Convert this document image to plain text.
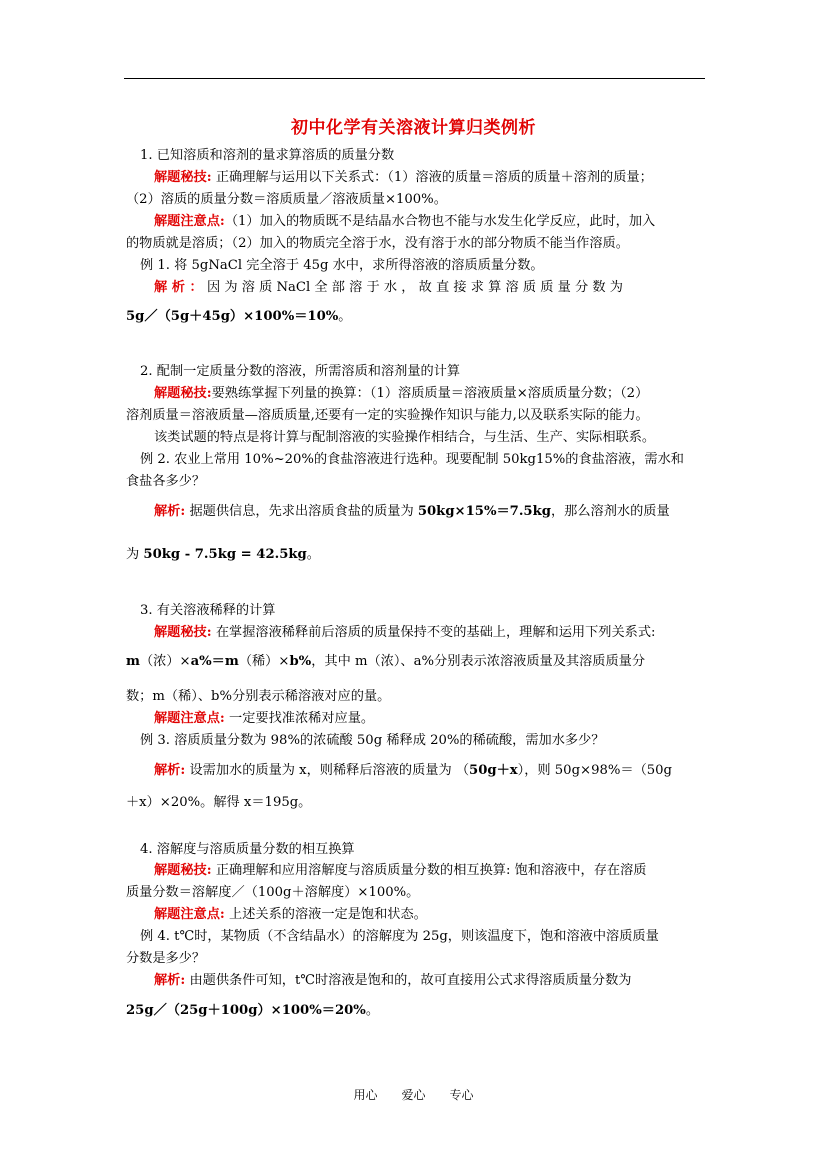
初中化学有关溶液计算归类例析
1. 已知溶质和溶剂的量求算溶质的质量分数
解题秘技: 正确理解与运用以下关系式：（1）溶液的质量＝溶质的质量＋溶剂的质量；
（2）溶质的质量分数＝溶质质量／溶液质量×100%。
解题注意点:（1）加入的物质既不是结晶水合物也不能与水发生化学反应，此时，加入
的物质就是溶质；（2）加入的物质完全溶于水，没有溶于水的部分物质不能当作溶质。
例 1. 将 5gNaCl 完全溶于 45g 水中，求所得溶液的溶质质量分数。
解 析 ： 因 为 溶 质 NaCl 全 部 溶 于 水 ， 故 直 接 求 算 溶 质 质 量 分 数 为
5g／（5g＋45g）×100%＝10%。
2. 配制一定质量分数的溶液，所需溶质和溶剂量的计算
解题秘技:要熟练掌握下列量的换算：（1）溶质质量＝溶液质量×溶质质量分数；（2）
溶剂质量＝溶液质量—溶质质量,还要有一定的实验操作知识与能力,以及联系实际的能力。
该类试题的特点是将计算与配制溶液的实验操作相结合，与生活、生产、实际相联系。
例 2. 农业上常用 10%~20%的食盐溶液进行选种。现要配制 50kg15%的食盐溶液，需水和
食盐各多少？
解析: 据题供信息，先求出溶质食盐的质量为 50kg×15%＝7.5kg，那么溶剂水的质量
为 50kg - 7.5kg = 42.5kg。
3. 有关溶液稀释的计算
解题秘技: 在掌握溶液稀释前后溶质的质量保持不变的基础上，理解和运用下列关系式:
m（浓）×a%＝m（稀）×b%，其中 m（浓）、a%分别表示浓溶液质量及其溶质质量分
数；m（稀）、b%分别表示稀溶液对应的量。
解题注意点: 一定要找准浓稀对应量。
例 3. 溶质质量分数为 98%的浓硫酸 50g 稀释成 20%的稀硫酸，需加水多少？
解析: 设需加水的质量为 x，则稀释后溶液的质量为 （50g＋x），则 50g×98%＝（50g
＋x）×20%。解得 x＝195g。
4. 溶解度与溶质质量分数的相互换算
解题秘技: 正确理解和应用溶解度与溶质质量分数的相互换算: 饱和溶液中，存在溶质
质量分数＝溶解度／（100g＋溶解度）×100%。
解题注意点: 上述关系的溶液一定是饱和状态。
例 4. t℃时，某物质（不含结晶水）的溶解度为 25g，则该温度下，饱和溶液中溶质质量
分数是多少？
解析: 由题供条件可知，t℃时溶液是饱和的，故可直接用公式求得溶质质量分数为
25g／（25g＋100g）×100%＝20%。
用心 爱心 专心
